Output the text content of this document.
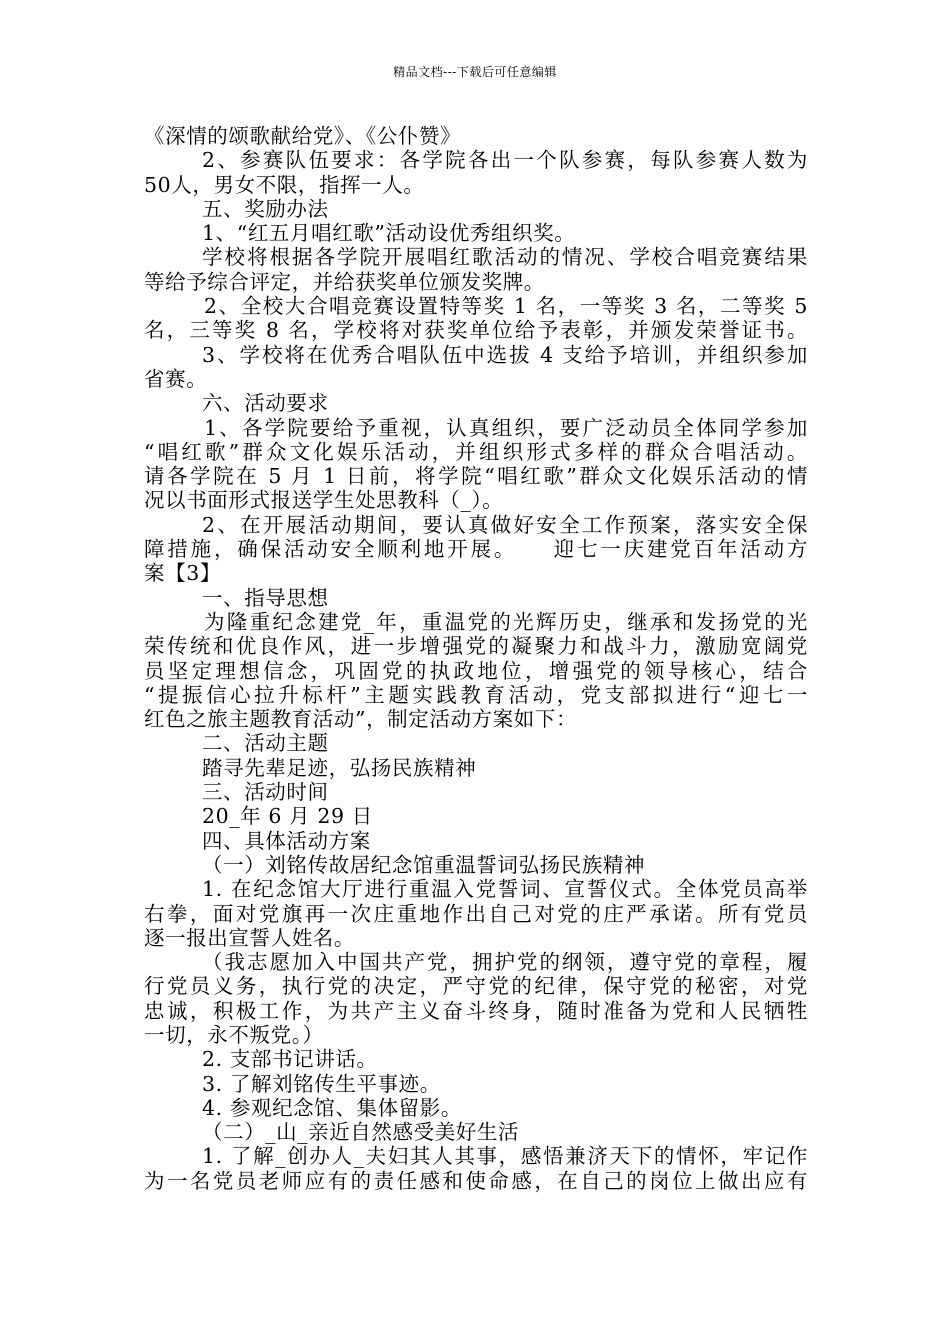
精品文档---下载后可任意编辑
《深情的颂歌献给党》、《公仆赞》
2、参赛队伍要求：各学院各出一个队参赛，每队参赛人数为
50人，男女不限，指挥一人。
五、奖励办法
1、“红五月唱红歌”活动设优秀组织奖。
学校将根据各学院开展唱红歌活动的情况、学校合唱竞赛结果
等给予综合评定，并给获奖单位颁发奖牌。
2、全校大合唱竞赛设置特等奖 1 名，一等奖 3 名，二等奖 5
名，三等奖 8 名，学校将对获奖单位给予表彰，并颁发荣誉证书。
3、学校将在优秀合唱队伍中选拔 4 支给予培训，并组织参加
省赛。
六、活动要求
1、各学院要给予重视，认真组织，要广泛动员全体同学参加
“唱红歌”群众文化娱乐活动，并组织形式多样的群众合唱活动。
请各学院在 5 月 1 日前，将学院“唱红歌”群众文化娱乐活动的情
况以书面形式报送学生处思教科（_）。
2、在开展活动期间，要认真做好安全工作预案，落实安全保
障措施，确保活动安全顺利地开展。　　迎七一庆建党百年活动方
案【3】
一、指导思想
为隆重纪念建党_年，重温党的光辉历史，继承和发扬党的光
荣传统和优良作风，进一步增强党的凝聚力和战斗力，激励宽阔党
员坚定理想信念，巩固党的执政地位，增强党的领导核心，结合
“提振信心拉升标杆”主题实践教育活动，党支部拟进行“迎七一
红色之旅主题教育活动”，制定活动方案如下：
二、活动主题
踏寻先辈足迹，弘扬民族精神
三、活动时间
20_年 6 月 29 日
四、具体活动方案
（一）刘铭传故居纪念馆重温誓词弘扬民族精神
1. 在纪念馆大厅进行重温入党誓词、宣誓仪式。全体党员高举
右拳，面对党旗再一次庄重地作出自己对党的庄严承诺。所有党员
逐一报出宣誓人姓名。
（我志愿加入中国共产党，拥护党的纲领，遵守党的章程，履
行党员义务，执行党的决定，严守党的纪律，保守党的秘密，对党
忠诚，积极工作，为共产主义奋斗终身，随时准备为党和人民牺牲
一切，永不叛党。）
2. 支部书记讲话。
3. 了解刘铭传生平事迹。
4. 参观纪念馆、集体留影。
（二）_山_亲近自然感受美好生活
1. 了解_创办人_夫妇其人其事，感悟兼济天下的情怀，牢记作
为一名党员老师应有的责任感和使命感，在自己的岗位上做出应有
